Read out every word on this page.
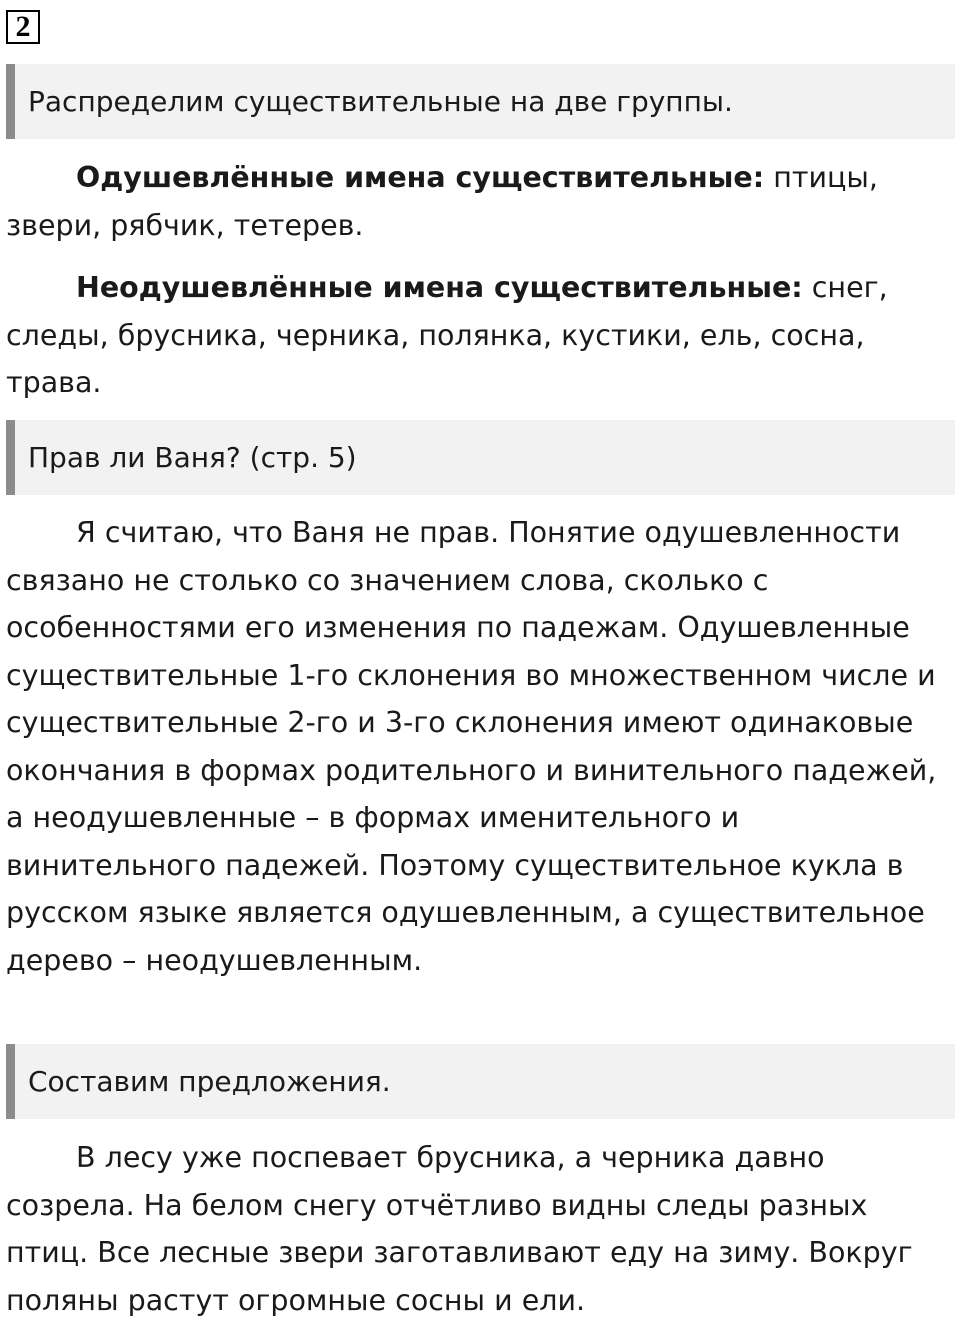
2
Распределим существительные на две группы.

Одушевлённые имена существительные: птицы, звери, рябчик, тетерев.

Неодушевлённые имена существительные: снег, следы, брусника, черника, полянка, кустики, ель, сосна, трава.

Прав ли Ваня? (стр. 5)

Я считаю, что Ваня не прав. Понятие одушевленности связано не столько со значением слова, сколько с особенностями его изменения по падежам. Одушевленные существительные 1-го склонения во множественном числе и существительные 2-го и 3-го склонения имеют одинаковые окончания в формах родительного и винительного падежей, а неодушевленные – в формах именительного и винительного падежей. Поэтому существительное кукла в русском языке является одушевленным, а существительное дерево – неодушевленным.

Составим предложения.

В лесу уже поспевает брусника, а черника давно созрела. На белом снегу отчётливо видны следы разных птиц. Все лесные звери заготавливают еду на зиму. Вокруг поляны растут огромные сосны и ели.
